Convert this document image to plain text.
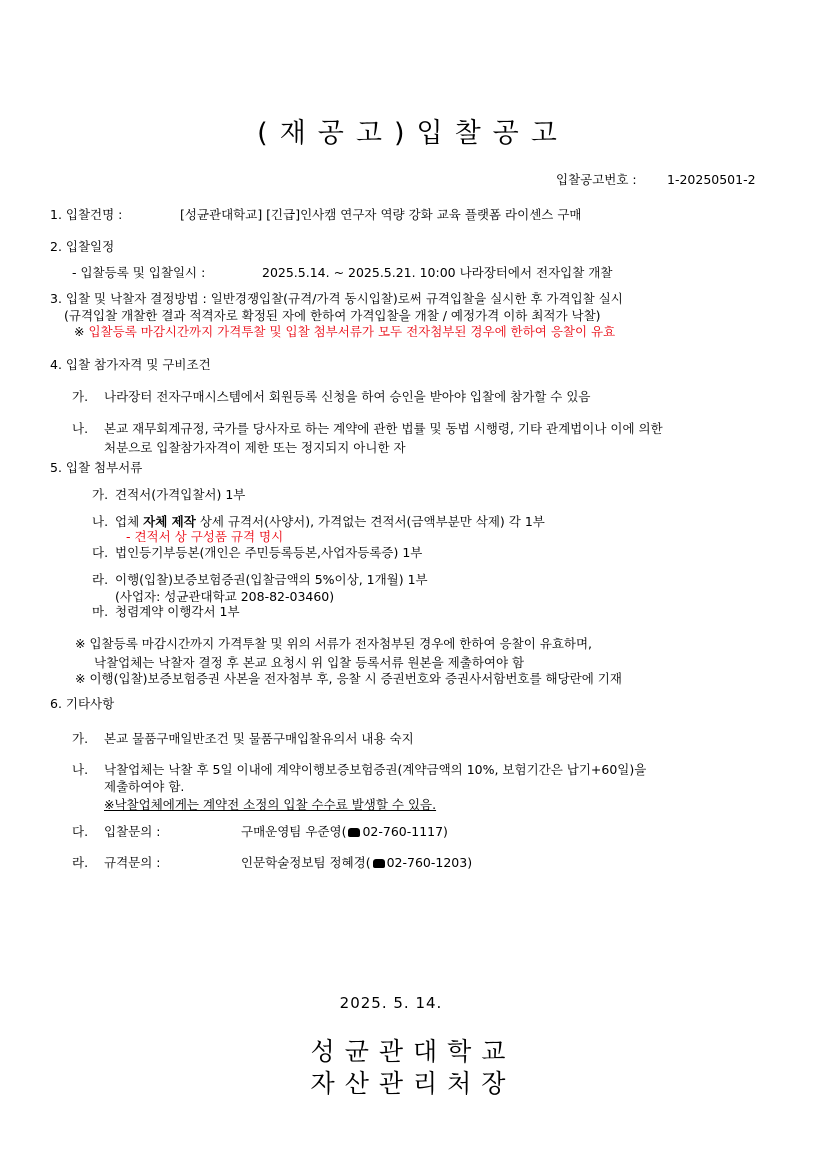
(재공고)입찰공고
입찰공고번호 : 1-20250501-2
1. 입찰건명 :	[성균관대학교] [긴급]인사캠 연구자 역량 강화 교육 플랫폼 라이센스 구매
2. 입찰일정
- 입찰등록 및 입찰일시 :	2025.5.14. ~ 2025.5.21. 10:00 나라장터에서 전자입찰 개찰
3. 입찰 및 낙찰자 결정방법 : 일반경쟁입찰(규격/가격 동시입찰)로써 규격입찰을 실시한 후 가격입찰 실시
(규격입찰 개찰한 결과 적격자로 확정된 자에 한하여 가격입찰을 개찰 / 예정가격 이하 최적가 낙찰)
※ 입찰등록 마감시간까지 가격투찰 및 입찰 첨부서류가 모두 전자첨부된 경우에 한하여 응찰이 유효
4. 입찰 참가자격 및 구비조건
가. 나라장터 전자구매시스템에서 회원등록 신청을 하여 승인을 받아야 입찰에 참가할 수 있음
나. 본교 재무회계규정, 국가를 당사자로 하는 계약에 관한 법률 및 동법 시행령, 기타 관계법이나 이에 의한
처분으로 입찰참가자격이 제한 또는 정지되지 아니한 자
5. 입찰 첨부서류
가. 견적서(가격입찰서) 1부
나. 업체 자체 제작 상세 규격서(사양서), 가격없는 견적서(금액부분만 삭제) 각 1부
- 견적서 상 구성품 규격 명시
다. 법인등기부등본(개인은 주민등록등본,사업자등록증) 1부
라. 이행(입찰)보증보험증권(입찰금액의 5%이상, 1개월) 1부
(사업자: 성균관대학교 208-82-03460)
마. 청렴계약 이행각서 1부
※ 입찰등록 마감시간까지 가격투찰 및 위의 서류가 전자첨부된 경우에 한하여 응찰이 유효하며,
낙찰업체는 낙찰자 결정 후 본교 요청시 위 입찰 등록서류 원본을 제출하여야 함
※ 이행(입찰)보증보험증권 사본을 전자첨부 후, 응찰 시 증권번호와 증권사서함번호를 해당란에 기재
6. 기타사항
가. 본교 물품구매일반조건 및 물품구매입찰유의서 내용 숙지
나. 낙찰업체는 낙찰 후 5일 이내에 계약이행보증보험증권(계약금액의 10%, 보험기간은 납기+60일)을
제출하여야 함.
※낙찰업체에게는 계약전 소정의 입찰 수수료 발생할 수 있음.
다. 입찰문의 :	구매운영팀 우준영( 02-760-1117)
라. 규격문의 :	인문학술정보팀 정혜경( 02-760-1203)
2025. 5. 14.
성균관대학교
자산관리처장
